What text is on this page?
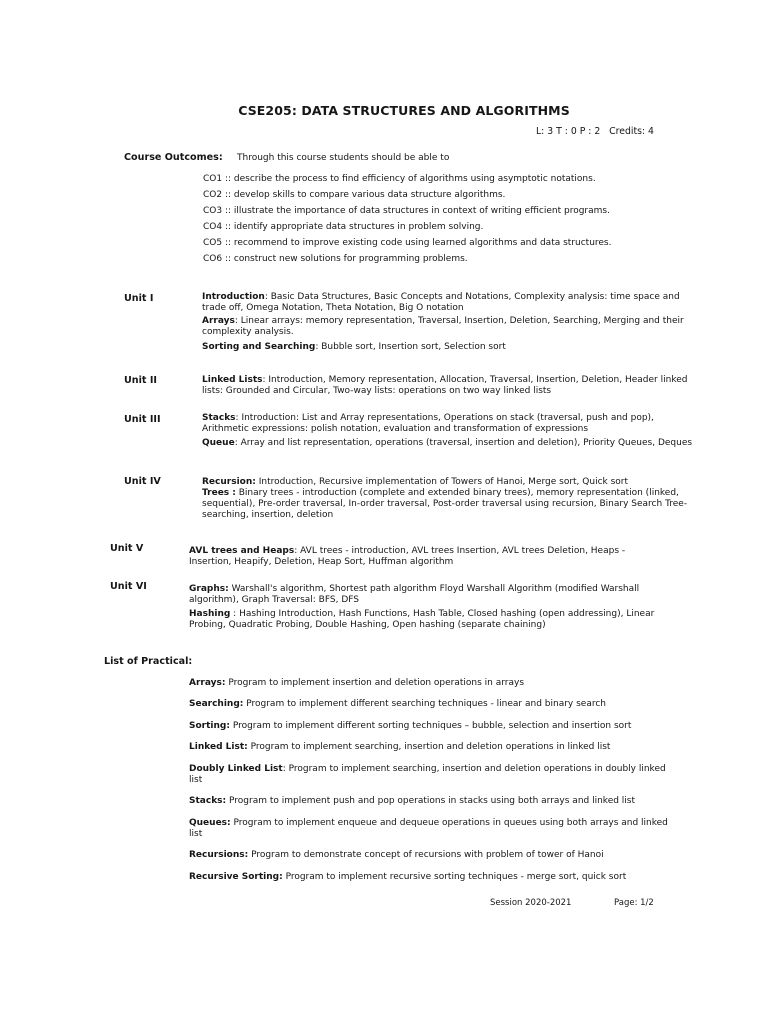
CSE205: DATA STRUCTURES AND ALGORITHMS
L: 3 T : 0 P : 2   Credits: 4
Course Outcomes: Through this course students should be able to
CO1 :: describe the process to find efficiency of algorithms using asymptotic notations.
CO2 :: develop skills to compare various data structure algorithms.
CO3 :: illustrate the importance of data structures in context of writing efficient programs.
CO4 :: identify appropriate data structures in problem solving.
CO5 :: recommend to improve existing code using learned algorithms and data structures.
CO6 :: construct new solutions for programming problems.
Unit I	Introduction: Basic Data Structures, Basic Concepts and Notations, Complexity analysis: time space and trade off, Omega Notation, Theta Notation, Big O notation

Arrays: Linear arrays: memory representation, Traversal, Insertion, Deletion, Searching, Merging and their complexity analysis.

Sorting and Searching: Bubble sort, Insertion sort, Selection sort

Unit II	Linked Lists: Introduction, Memory representation, Allocation, Traversal, Insertion, Deletion, Header linked lists: Grounded and Circular, Two-way lists: operations on two way linked lists

Unit III	Stacks: Introduction: List and Array representations, Operations on stack (traversal, push and pop), Arithmetic expressions: polish notation, evaluation and transformation of expressions

Queue: Array and list representation, operations (traversal, insertion and deletion), Priority Queues, Deques

Unit IV	Recursion: Introduction, Recursive implementation of Towers of Hanoi, Merge sort, Quick sort

Trees : Binary trees - introduction (complete and extended binary trees), memory representation (linked, sequential), Pre-order traversal, In-order traversal, Post-order traversal using recursion, Binary Search Tree- searching, insertion, deletion

Unit V	AVL trees and Heaps: AVL trees - introduction, AVL trees Insertion, AVL trees Deletion, Heaps - Insertion, Heapify, Deletion, Heap Sort, Huffman algorithm

Unit VI	Graphs: Warshall's algorithm, Shortest path algorithm Floyd Warshall Algorithm (modified Warshall algorithm), Graph Traversal: BFS, DFS

Hashing : Hashing Introduction, Hash Functions, Hash Table, Closed hashing (open addressing), Linear Probing, Quadratic Probing, Double Hashing, Open hashing (separate chaining)

List of Practical:
Arrays: Program to implement insertion and deletion operations in arrays
Searching: Program to implement different searching techniques - linear and binary search
Sorting: Program to implement different sorting techniques – bubble, selection and insertion sort
Linked List: Program to implement searching, insertion and deletion operations in linked list
Doubly Linked List: Program to implement searching, insertion and deletion operations in doubly linked list
Stacks: Program to implement push and pop operations in stacks using both arrays and linked list
Queues: Program to implement enqueue and dequeue operations in queues using both arrays and linked list
Recursions: Program to demonstrate concept of recursions with problem of tower of Hanoi
Recursive Sorting: Program to implement recursive sorting techniques - merge sort, quick sort
Session 2020-2021	Page: 1/2
